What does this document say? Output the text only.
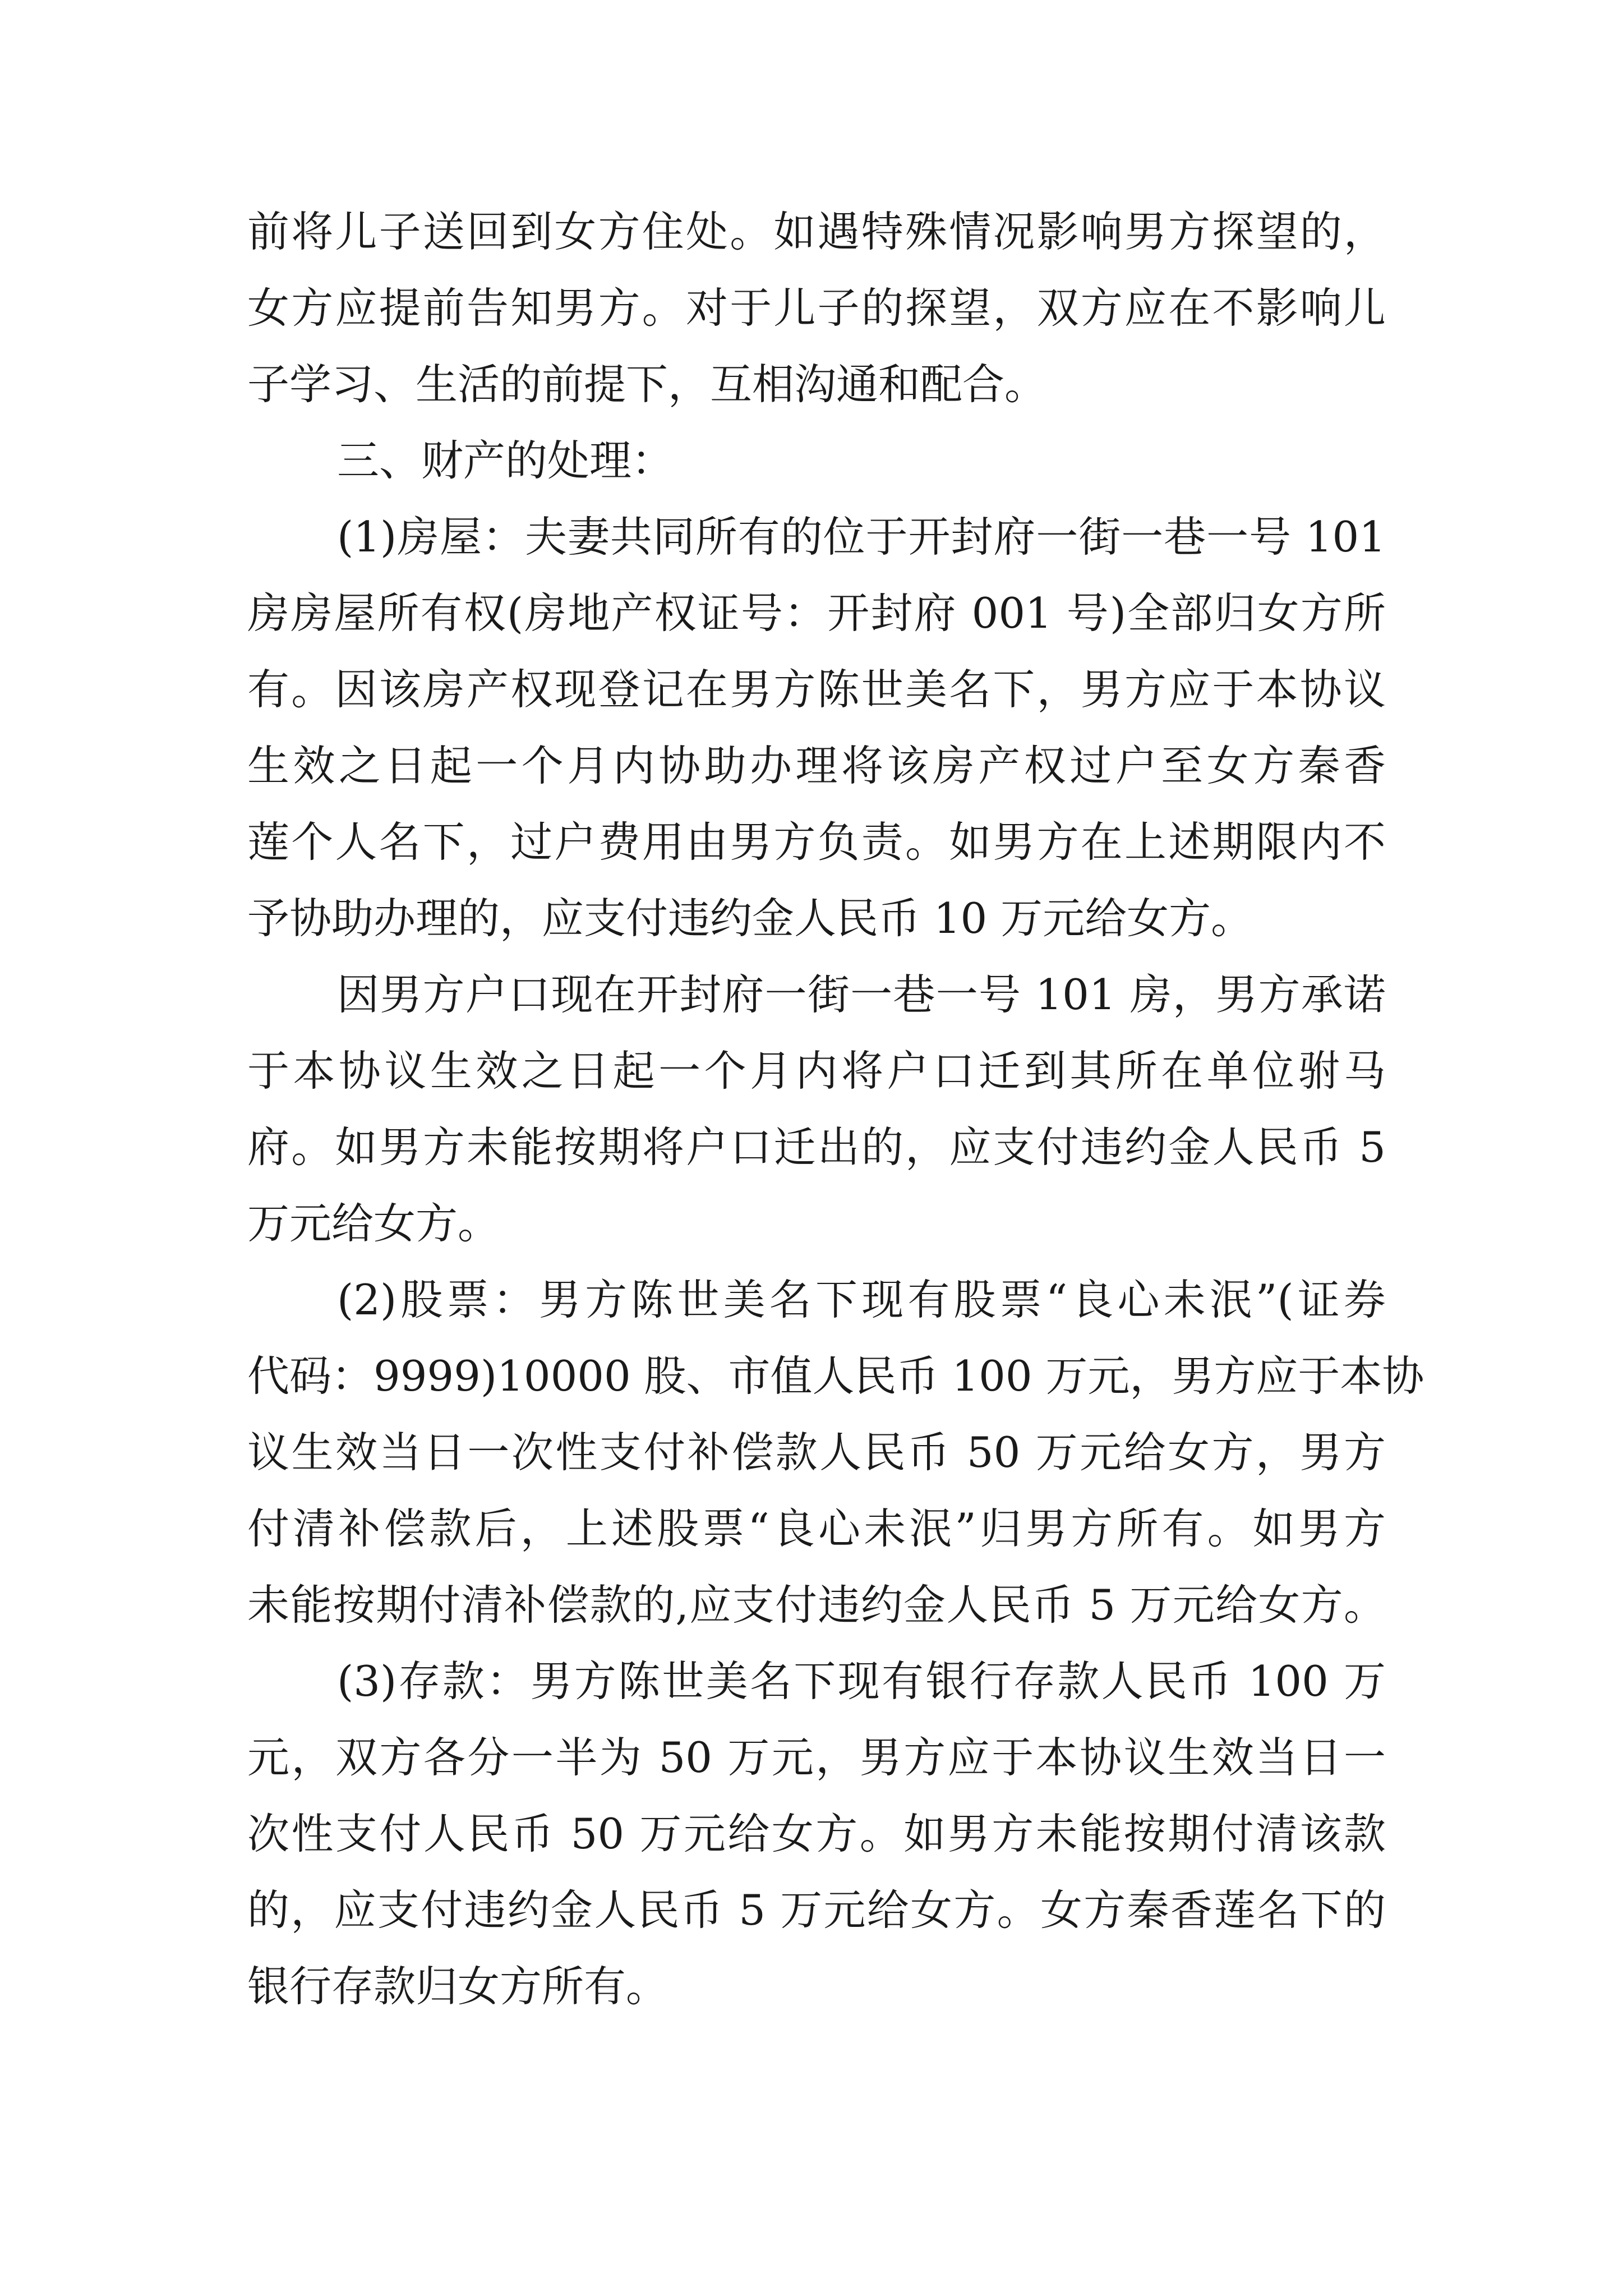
前将儿子送回到女方住处。如遇特殊情况影响男方探望的，
女方应提前告知男方。对于儿子的探望，双方应在不影响儿
子学习、生活的前提下，互相沟通和配合。
三、财产的处理：
(1)房屋：夫妻共同所有的位于开封府一街一巷一号 101
房房屋所有权(房地产权证号：开封府 001 号)全部归女方所
有。因该房产权现登记在男方陈世美名下，男方应于本协议
生效之日起一个月内协助办理将该房产权过户至女方秦香
莲个人名下，过户费用由男方负责。如男方在上述期限内不
予协助办理的，应支付违约金人民币 10 万元给女方。
因男方户口现在开封府一街一巷一号 101 房，男方承诺
于本协议生效之日起一个月内将户口迁到其所在单位驸马
府。如男方未能按期将户口迁出的，应支付违约金人民币 5
万元给女方。
(2)股票：男方陈世美名下现有股票“良心未泯”(证券
代码：9999)10000 股、市值人民币 100 万元，男方应于本协
议生效当日一次性支付补偿款人民币 50 万元给女方，男方
付清补偿款后，上述股票“良心未泯”归男方所有。如男方
未能按期付清补偿款的,应支付违约金人民币 5 万元给女方。
(3)存款：男方陈世美名下现有银行存款人民币 100 万
元，双方各分一半为 50 万元，男方应于本协议生效当日一
次性支付人民币 50 万元给女方。如男方未能按期付清该款
的，应支付违约金人民币 5 万元给女方。女方秦香莲名下的
银行存款归女方所有。
